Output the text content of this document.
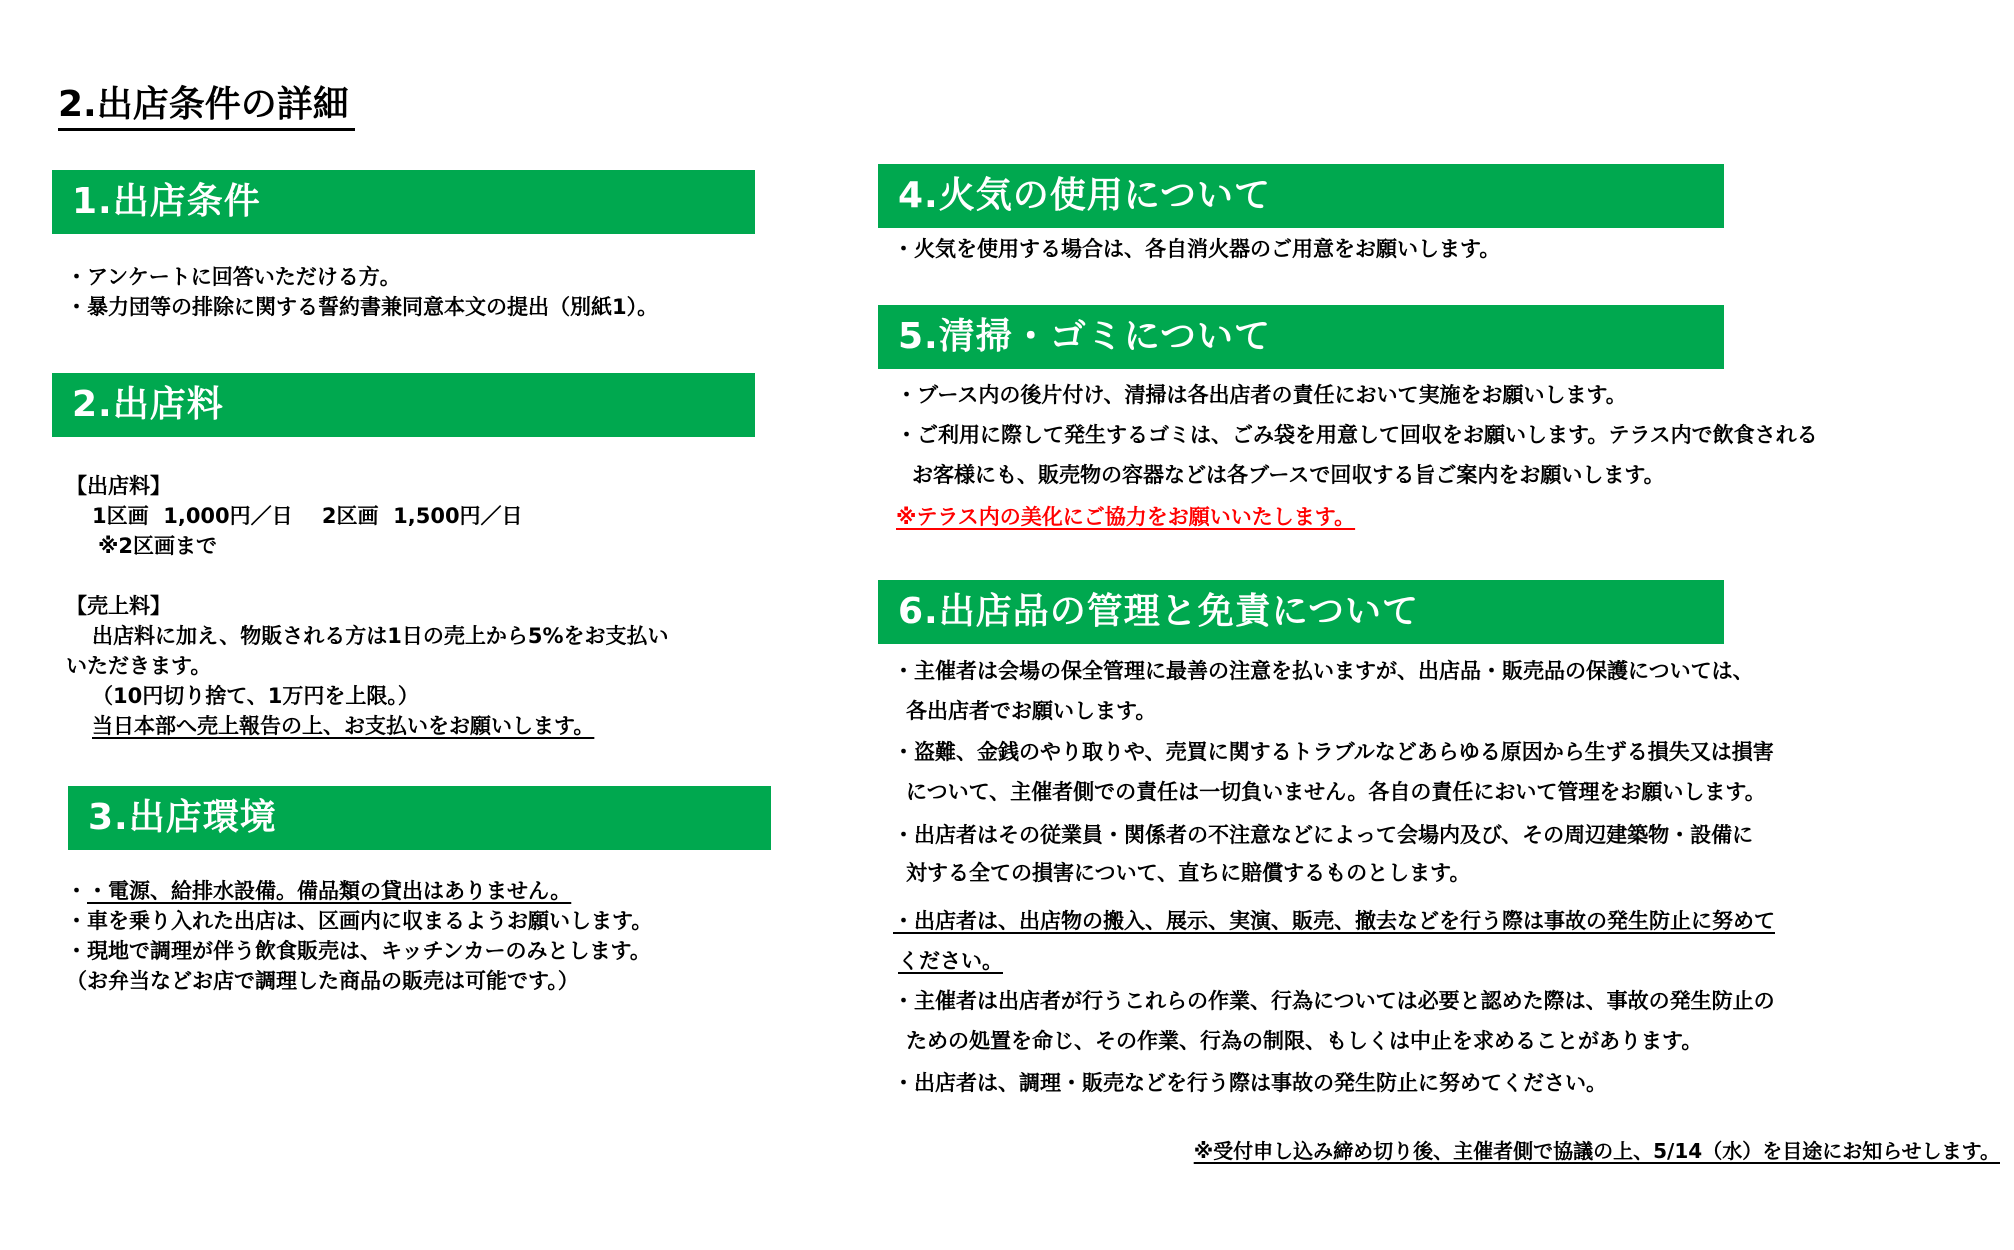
2.出店条件の詳細
1.出店条件
・アンケートに回答いただける方。
・暴力団等の排除に関する誓約書兼同意本文の提出（別紙1）。
2.出店料
【出店料】
1区画  1,000円／日    2区画  1,500円／日
※2区画まで
【売上料】
出店料に加え、物販される方は1日の売上から5%をお支払い
いただきます。
（10円切り捨て、1万円を上限。）
当日本部へ売上報告の上、お支払いをお願いします。
3.出店環境
・・電源、給排水設備。備品類の貸出はありません。
・車を乗り入れた出店は、区画内に収まるようお願いします。
・現地で調理が伴う飲食販売は、キッチンカーのみとします。
（お弁当などお店で調理した商品の販売は可能です。）
4.火気の使用について
・火気を使用する場合は、各自消火器のご用意をお願いします。
5.清掃・ゴミについて
・ブース内の後片付け、清掃は各出店者の責任において実施をお願いします。
・ご利用に際して発生するゴミは、ごみ袋を用意して回収をお願いします。テラス内で飲食される
お客様にも、販売物の容器などは各ブースで回収する旨ご案内をお願いします。
※テラス内の美化にご協力をお願いいたします。
6.出店品の管理と免責について
・主催者は会場の保全管理に最善の注意を払いますが、出店品・販売品の保護については、
各出店者でお願いします。
・盗難、金銭のやり取りや、売買に関するトラブルなどあらゆる原因から生ずる損失又は損害
について、主催者側での責任は一切負いません。各自の責任において管理をお願いします。
・出店者はその従業員・関係者の不注意などによって会場内及び、その周辺建築物・設備に
対する全ての損害について、直ちに賠償するものとします。
・出店者は、出店物の搬入、展示、実演、販売、撤去などを行う際は事故の発生防止に努めて
ください。
・主催者は出店者が行うこれらの作業、行為については必要と認めた際は、事故の発生防止の
ための処置を命じ、その作業、行為の制限、もしくは中止を求めることがあります。
・出店者は、調理・販売などを行う際は事故の発生防止に努めてください。
※受付申し込み締め切り後、主催者側で協議の上、5/14（水）を目途にお知らせします。
